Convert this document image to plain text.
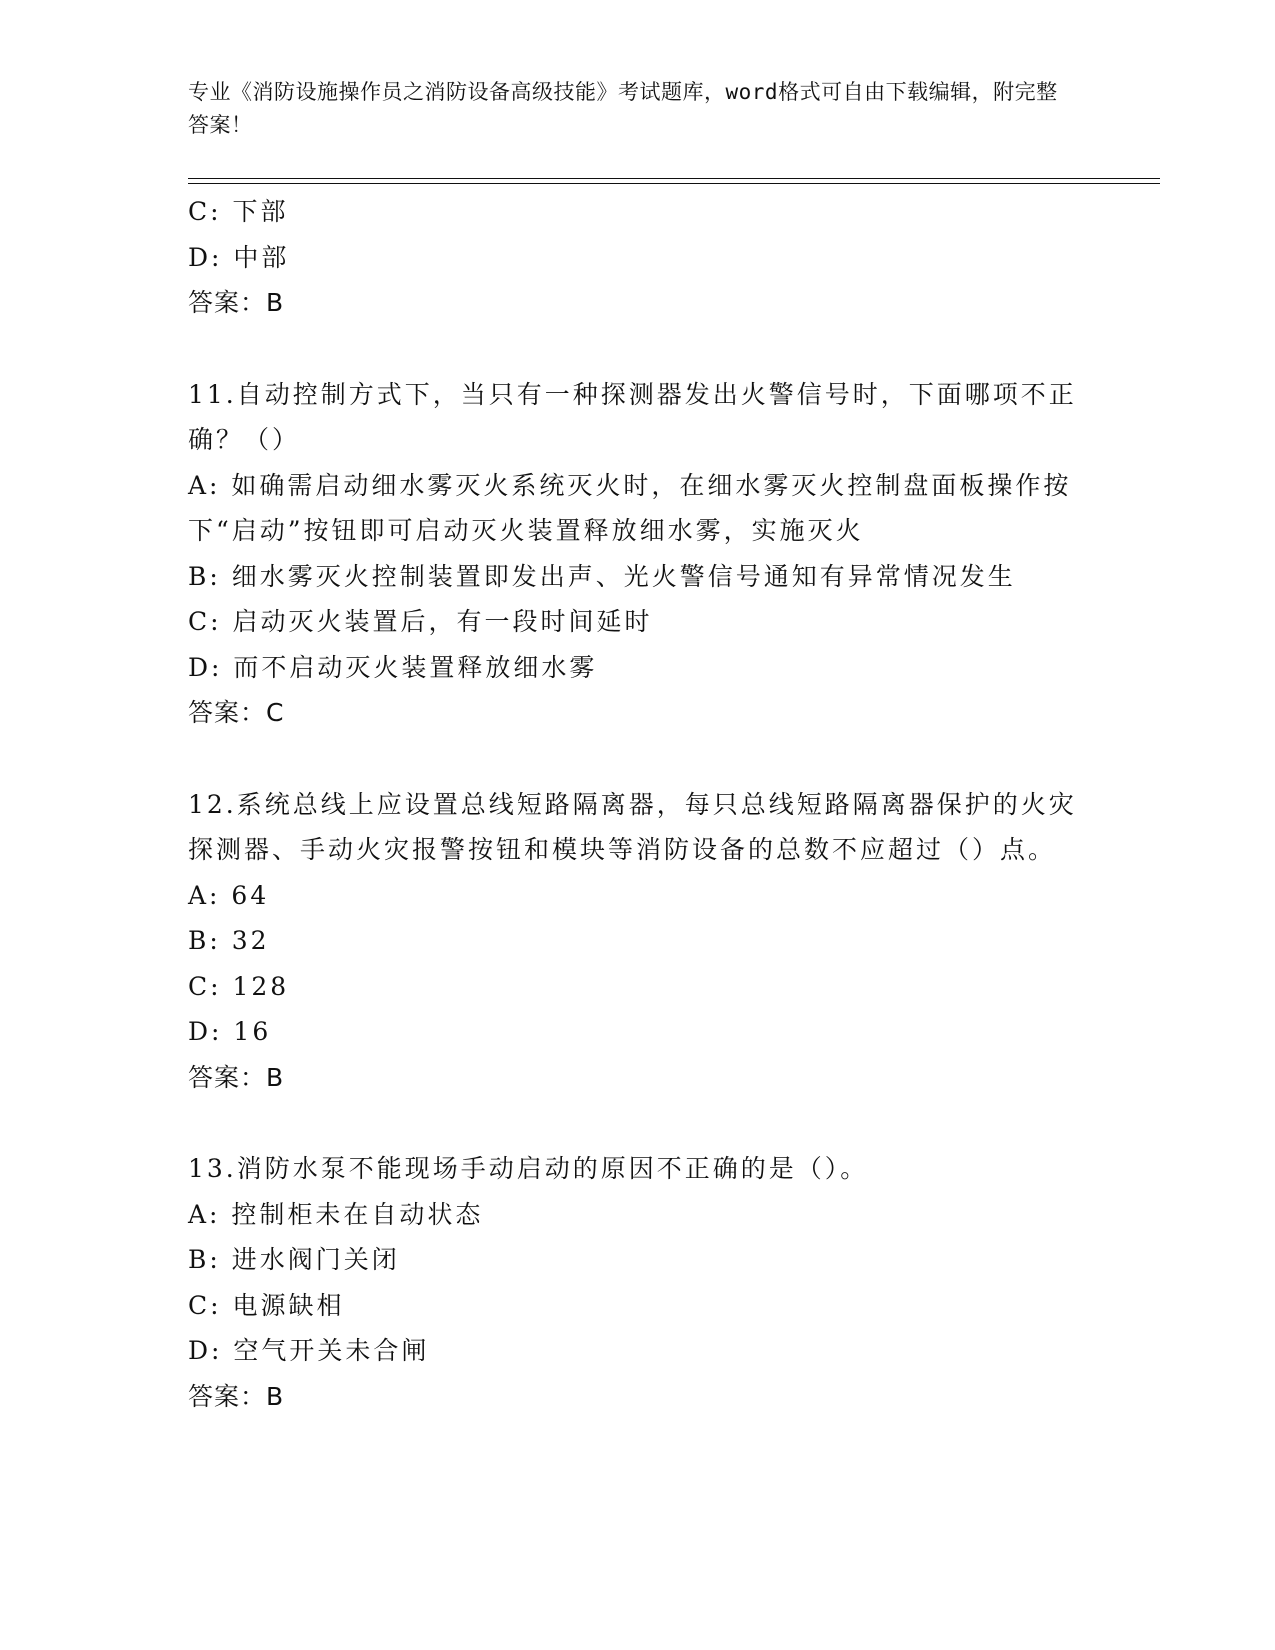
专业《消防设施操作员之消防设备高级技能》考试题库，word格式可自由下载编辑，附完整答案！

C: 下部

D: 中部

答案：B

11.自动控制方式下，当只有一种探测器发出火警信号时，下面哪项不正确？（）

A: 如确需启动细水雾灭火系统灭火时，在细水雾灭火控制盘面板操作按下“启动”按钮即可启动灭火装置释放细水雾，实施灭火

B: 细水雾灭火控制装置即发出声、光火警信号通知有异常情况发生

C: 启动灭火装置后，有一段时间延时

D: 而不启动灭火装置释放细水雾

答案：C

12.系统总线上应设置总线短路隔离器，每只总线短路隔离器保护的火灾探测器、手动火灾报警按钮和模块等消防设备的总数不应超过（）点。

A: 64

B: 32

C: 128

D: 16

答案：B

13.消防水泵不能现场手动启动的原因不正确的是（）。

A: 控制柜未在自动状态

B: 进水阀门关闭

C: 电源缺相

D: 空气开关未合闸

答案：B
